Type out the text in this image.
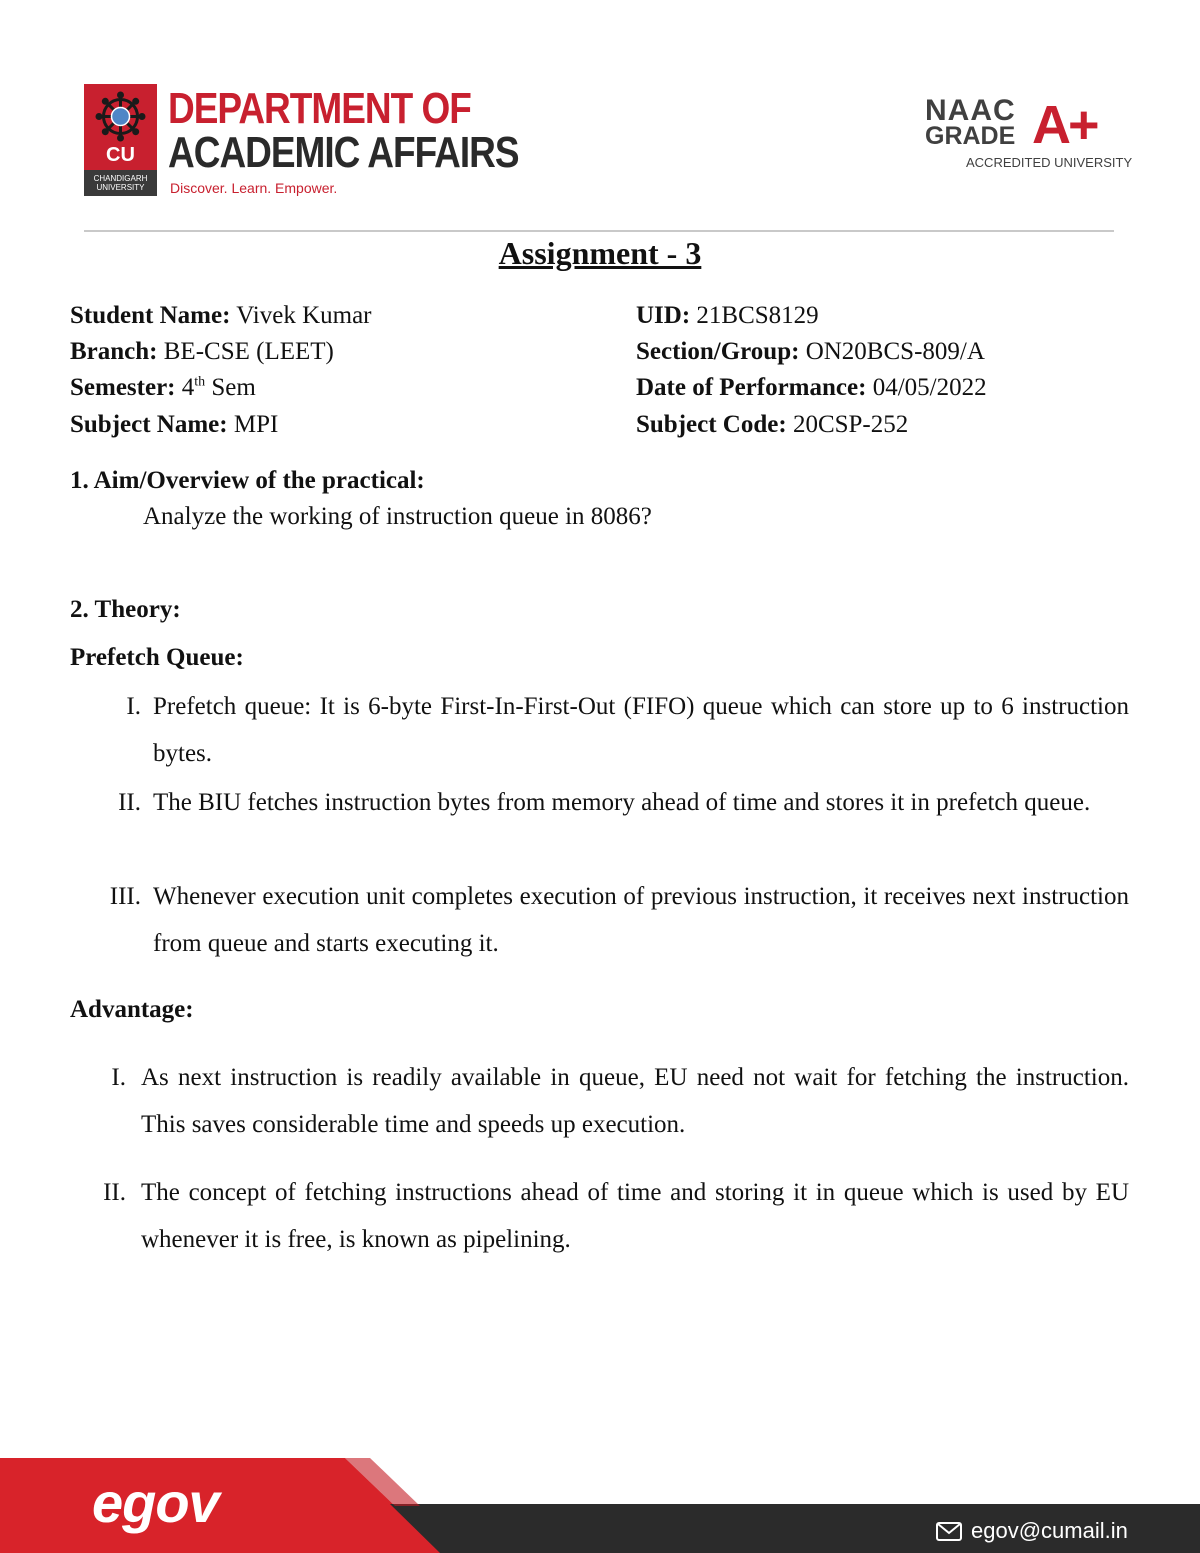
CU
CHANDIGARH UNIVERSITY
DEPARTMENT OF
ACADEMIC AFFAIRS
Discover. Learn. Empower.
NAAC
GRADE A+
ACCREDITED UNIVERSITY
Assignment - 3
Student Name: Vivek Kumar	UID: 21BCS8129
Branch: BE-CSE (LEET)	Section/Group: ON20BCS-809/A
Semester: 4th Sem	Date of Performance: 04/05/2022
Subject Name: MPI	Subject Code: 20CSP-252
1. Aim/Overview of the practical:
Analyze the working of instruction queue in 8086?
2. Theory:
Prefetch Queue:
I. Prefetch queue: It is 6-byte First-In-First-Out (FIFO) queue which can store up to 6 instruction bytes.
II. The BIU fetches instruction bytes from memory ahead of time and stores it in prefetch queue.
III. Whenever execution unit completes execution of previous instruction, it receives next instruction from queue and starts executing it.
Advantage:
I. As next instruction is readily available in queue, EU need not wait for fetching the instruction. This saves considerable time and speeds up execution.
II. The concept of fetching instructions ahead of time and storing it in queue which is used by EU whenever it is free, is known as pipelining.
egov	egov@cumail.in
